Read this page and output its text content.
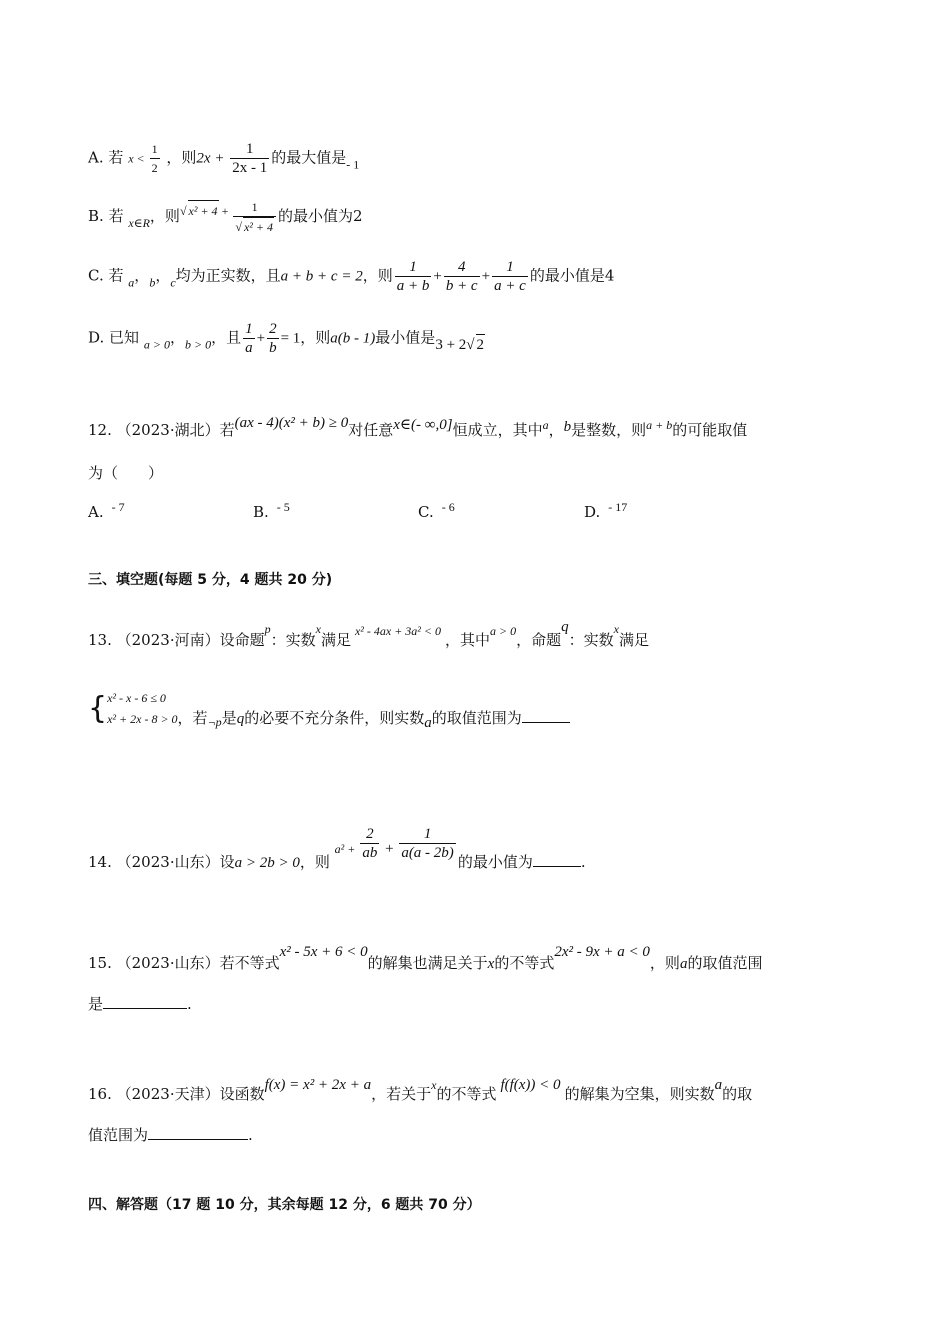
A. 若 $x < \frac{1}{2}$ ，则$2x + \frac{1}{2x - 1}$ 的最大值是$_{- 1}$
B. 若 $_{x\in R}$，则√ x² + 4 $^+ \frac{1}{\text{√ x² + 4}}$ 的最小值为2
C. 若 $_a$，$_b$，$_c$均为正实数，且a + b + c = 2，则 $\frac{1}{a + b} + \frac{4}{b + c} + \frac{1}{a + c}$ 的最小值是4
D. 已知 $_{a > 0}$，$_{b > 0}$，且 $\frac{1}{a} + \frac{2}{b} = 1$，则a(b - 1)最小值是3 + 2√ 2
12. （2023·湖北）若(ax - 4)(x² + b) ≥ 0对任意x∈(- ∞,0]恒成立，其中$^a$，b是整数，则$^{a + b}$的可能取值
为（　　）
A. $^{- 7}$	B. $^{- 5}$	C. $^{- 6}$	D. $^{- 17}$
三、填空题(每题 5 分，4 题共 20 分)
13. （2023·河南）设命题$^p$：实数$^x$满足 $^{x^2 - 4ax + 3a^2 < 0}$ ，其中$^{a > 0}$，命题q：实数$^x$满足
{ x² - x - 6 ≤ 0
x² + 2x - 8 > 0 ，若$_{\neg p}$是q的必要不充分条件，则实数a的取值范围为
14. （2023·山东）设a > 2b > 0，则 $^{a^2 +} \frac{2}{ab} + \frac{1}{a(a - 2b)}$ 的最小值为	.
15. （2023·山东）若不等式x² - 5x + 6 < 0的解集也满足关于x的不等式2x² - 9x + a < 0，则a的取值范围
是	.
16. （2023·天津）设函数f(x) = x² + 2x + a，若关于$^x$的不等式 f(f(x)) < 0 的解集为空集，则实数a的取
值范围为	.
四、解答题（17 题 10 分，其余每题 12 分，6 题共 70 分）
